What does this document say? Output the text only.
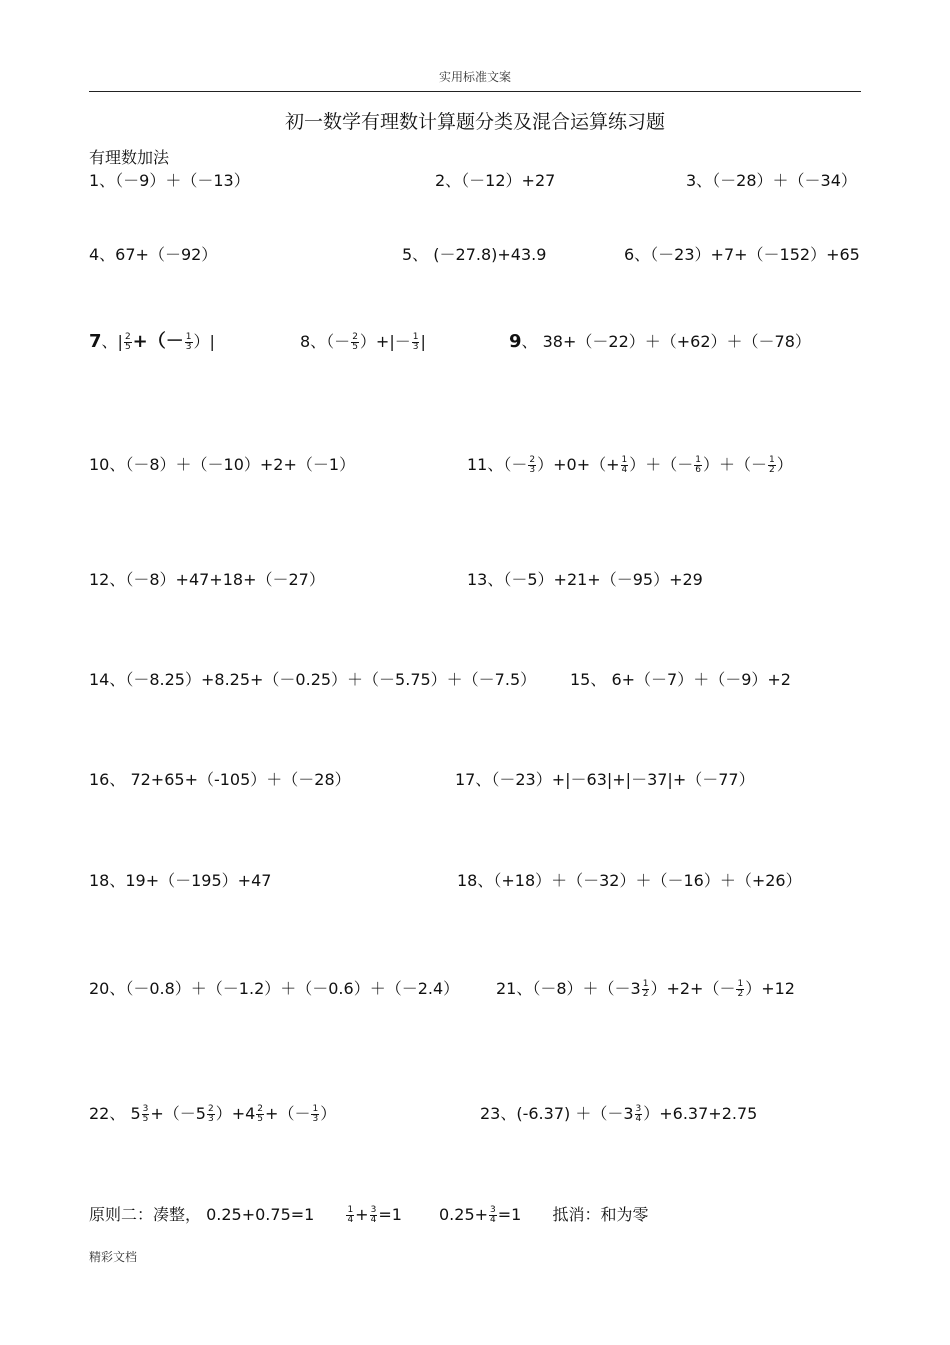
实用标准文案
初一数学有理数计算题分类及混合运算练习题
有理数加法
1、（－9）＋（－13）	2、（－12）+27	3、（－28）＋（－34）
4、67+（－92）	5、 (－27.8)+43.9	6、（－23）+7+（－152）+65
7、| $\frac{2}{5}$ +（－ $\frac{1}{3}$ ）|	8、（－ $\frac{2}{5}$ ）+|－ $\frac{1}{3}$ |	9、 38+（－22）＋（+62）＋（－78）
10、（－8）＋（－10）+2+（－1）	11、（－ $\frac{2}{3} )+0+(+ \frac{1}{4}$ ）＋（－ $\frac{1}{6}$ ）＋（－ $\frac{1}{2}$ ）
12、（－8）+47+18+（－27）	13、（－5）+21+（－95）+29
14、（－8.25）+8.25+（－0.25）＋（－5.75）＋（－7.5） 15、 6+（－7）＋（－9）+2
16、 72+65+（-105）＋（－28）	17、（－23）+|－63|+|－37|+（－77）
18、19+（－195）+47	18、（+18）＋（－32）＋（－16）＋（+26）
20、（－0.8）＋（－1.2）＋（－0.6）＋（－2.4） 21、$(-8)+(-3 \frac{1}{2} )+2+(- \frac{1}{2} )+12$
22、 $5 \frac{3}{5} +(-5 \frac{2}{3} )+4 \frac{2}{5}$ +（－ $\frac{1}{3}$ ）	23、$(-6.37) +(-3 \frac{3}{4} )+6.37+2.75$
原则二：凑整， 0.25+0.75=1	$\frac{1}{4} + \frac{3}{4} =1$ $0.25+ \frac{3}{4} =1$ 抵消：和为零
精彩文档
